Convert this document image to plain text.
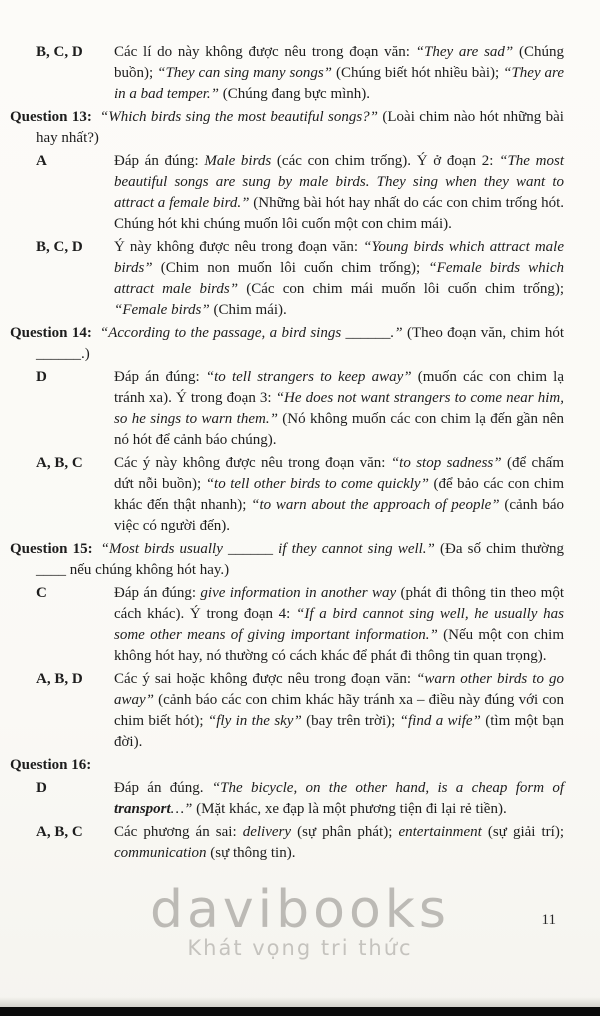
B, C, D	Các lí do này không được nêu trong đoạn văn: “They are sad” (Chúng buồn); “They can sing many songs” (Chúng biết hót nhiều bài); “They are in a bad temper.” (Chúng đang bực mình).
Question 13: “Which birds sing the most beautiful songs?” (Loài chim nào hót những bài hay nhất?)
A	Đáp án đúng: Male birds (các con chim trống). Ý ở đoạn 2: “The most beautiful songs are sung by male birds. They sing when they want to attract a female bird.” (Những bài hót hay nhất do các con chim trống hót. Chúng hót khi chúng muốn lôi cuốn một con chim mái).
B, C, D	Ý này không được nêu trong đoạn văn: “Young birds which attract male birds” (Chim non muốn lôi cuốn chim trống); “Female birds which attract male birds” (Các con chim mái muốn lôi cuốn chim trống); “Female birds” (Chim mái).
Question 14: “According to the passage, a bird sings ______.” (Theo đoạn văn, chim hót ______.)
D	Đáp án đúng: “to tell strangers to keep away” (muốn các con chim lạ tránh xa). Ý trong đoạn 3: “He does not want strangers to come near him, so he sings to warn them.” (Nó không muốn các con chim lạ đến gần nên nó hót để cảnh báo chúng).
A, B, C	Các ý này không được nêu trong đoạn văn: “to stop sadness” (để chấm dứt nỗi buồn); “to tell other birds to come quickly” (để bảo các con chim khác đến thật nhanh); “to warn about the approach of people” (cảnh báo việc có người đến).
Question 15: “Most birds usually ______ if they cannot sing well.” (Đa số chim thường ____ nếu chúng không hót hay.)
C	Đáp án đúng: give information in another way (phát đi thông tin theo một cách khác). Ý trong đoạn 4: “If a bird cannot sing well, he usually has some other means of giving important information.” (Nếu một con chim không hót hay, nó thường có cách khác để phát đi thông tin quan trọng).
A, B, D	Các ý sai hoặc không được nêu trong đoạn văn: “warn other birds to go away” (cảnh báo các con chim khác hãy tránh xa – điều này đúng với con chim biết hót); “fly in the sky” (bay trên trời); “find a wife” (tìm một bạn đời).
Question 16:
D	Đáp án đúng. “The bicycle, on the other hand, is a cheap form of transport…” (Mặt khác, xe đạp là một phương tiện đi lại rẻ tiền).
A, B, C	Các phương án sai: delivery (sự phân phát); entertainment (sự giải trí); communication (sự thông tin).
davibooks
Khát vọng tri thức
11
